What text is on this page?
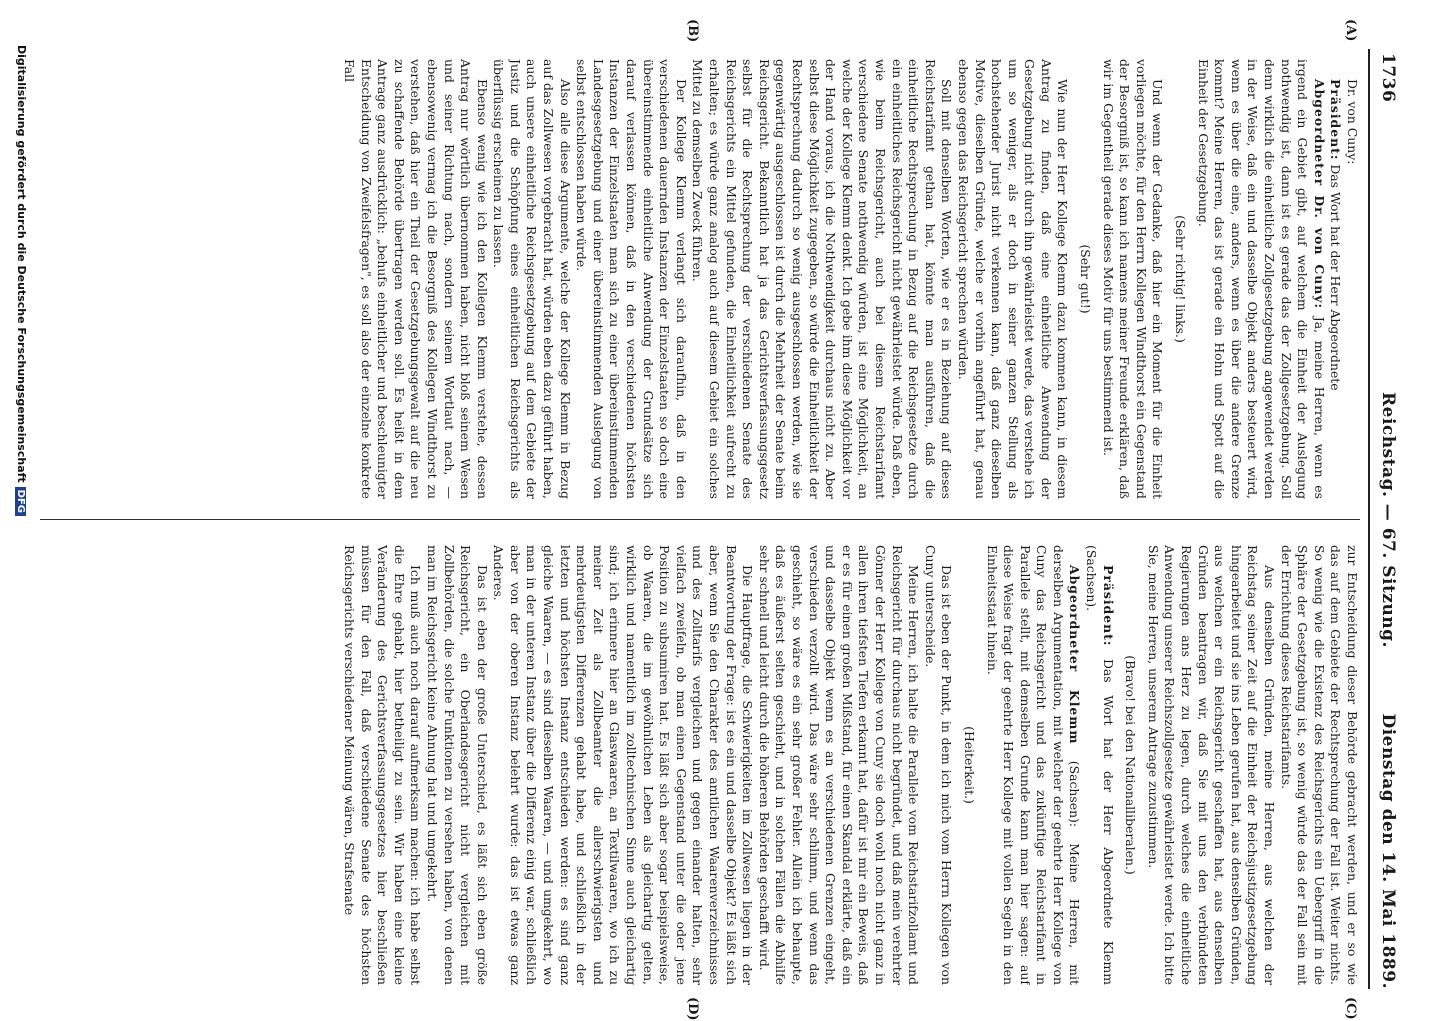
1736
Reichstag. — 67. Sitzung.
Dienstag den 14. Mai 1889.
(A)
(B)
(C)
(D)

Dr. von Cuny:

Präsident: Das Wort hat der Herr Abgeordnete

Abgeordneter Dr. von Cuny: Ja, meine Herren, wenn es irgend ein Gebiet gibt, auf welchem die Einheit der Auslegung nothwendig ist, dann ist es gerade das der Zollgesetzgebung. Soll denn wirklich die einheitliche Zollgesetzgebung angewendet werden in der Weise, daß ein und dasselbe Objekt anders besteuert wird, wenn es über die eine, anders, wenn es über die andere Grenze kommt? Meine Herren, das ist gerade ein Hohn und Spott auf die Einheit der Gesetzgebung.

(Sehr richtig! links.)

Und wenn der Gedanke, daß hier ein Moment für die Einheit vorliegen möchte, für den Herrn Kollegen Windthorst ein Gegenstand der Besorgniß ist, so kann ich namens meiner Freunde erklären, daß wir im Gegentheil gerade dieses Motiv für uns bestimmend ist.

(Sehr gut!)

Wie nun der Herr Kollege Klemm dazu kommen kann, in diesem Antrag zu finden, daß eine einheitliche Anwendung der Gesetzgebung nicht durch ihn gewährleistet werde, das verstehe ich um so weniger, als er doch in seiner ganzen Stellung als hochstehender Jurist nicht verkennen kann, daß ganz dieselben Motive, dieselben Gründe, welche er vorhin angeführt hat, genau ebenso gegen das Reichsgericht sprechen würden.

Soll mit denselben Worten, wie er es in Beziehung auf dieses Reichstarifamt gethan hat, könnte man ausführen, daß die einheitliche Rechtsprechung in Bezug auf die Reichsgesetze durch ein einheitliches Reichsgericht nicht gewährleistet würde. Daß eben, wie beim Reichsgericht, auch bei diesem Reichstarifamt verschiedene Senate nothwendig würden, ist eine Möglichkeit, an welche der Kollege Klemm denkt. Ich gebe ihm diese Möglichkeit vor der Hand voraus, ich die Nothwendigkeit durchaus nicht zu. Aber selbst diese Möglichkeit zugegeben, so würde die Einheitlichkeit der Rechtsprechung dadurch so wenig ausgeschlossen werden, wie sie gegenwärtig ausgeschlossen ist durch die Mehrheit der Senate beim Reichsgericht. Bekanntlich hat ja das Gerichtsverfassungsgesetz selbst für die Rechtsprechung der verschiedenen Senate des Reichsgerichts ein Mittel gefunden, die Einheitlichkeit aufrecht zu erhalten; es würde ganz analog auch auf diesem Gebiet ein solches Mittel zu demselben Zweck führen.

Der Kollege Klemm verlangt sich daraufhin, daß in den verschiedenen dauernden Instanzen der Einzelstaaten so doch eine übereinstimmende einheitliche Anwendung der Grundsätze sich darauf verlassen können, daß in den verschiedenen höchsten Instanzen der Einzelstaaten man sich zu einer übereinstimmenden Landesgesetzgebung und einer übereinstimmenden Auslegung von selbst entschlossen haben würde.

Also alle diese Argumente, welche der Kollege Klemm in Bezug auf das Zollwesen vorgebracht hat, würden eben dazu geführt haben, auch unsere einheitliche Reichsgesetzgebung auf dem Gebiete der Justiz und die Schöpfung eines einheitlichen Reichsgerichts als überflüssig erscheinen zu lassen.

Ebenso wenig wie ich den Kollegen Klemm verstehe, dessen Antrag nur wörtlich übernommen haben, nicht bloß seinem Wesen und seiner Richtung nach, sondern seinem Wortlaut nach, — ebensowenig vermag ich die Besorgniß des Kollegen Windthorst zu verstehen, daß hier ein Theil der Gesetzgebungsgewalt auf die neu zu schaffende Behörde übertragen werden soll. Es heißt in dem Antrage ganz ausdrücklich: „behufs einheitlicher und beschleunigter Entscheidung von Zweifelsfragen", es soll also der einzelne konkrete Fall

zur Entscheidung dieser Behörde gebracht werden, und er so wie das auf dem Gebiete der Rechtsprechung der Fall ist. Weiter nichts. So wenig wie die Existenz des Reichsgerichts ein Uebergriff in die Sphäre der Gesetzgebung ist, so wenig würde das der Fall sein mit der Errichtung dieses Reichstarifamts.

Aus denselben Gründen, meine Herren, aus welchen der Reichstag seiner Zeit auf die Einheit der Reichsjustizgesetzgebung hingearbeitet und sie ins Leben gerufen hat, aus denselben Gründen, aus welchen er ein Reichsgericht geschaffen hat, aus denselben Gründen beantragen wir, daß Sie mit uns den verbündeten Regierungen ans Herz zu legen, durch welches die einheitliche Anwendung unserer Reichszollgesetze gewährleistet werde. Ich bitte Sie, meine Herren, unserem Antrage zuzustimmen.

(Bravo! bei den Nationalliberalen.)

Präsident: Das Wort hat der Herr Abgeordnete Klemm (Sachsen).

Abgeordneter Klemm (Sachsen): Meine Herren, mit derselben Argumentation, mit welcher der geehrte Herr Kollege von Cuny das Reichsgericht und das zukünftige Reichstarifamt in Parallele stellt, mit demselben Grunde kann man hier sagen: auf diese Weise fragt der geehrte Herr Kollege mit vollen Segeln in den Einheitsstaat hinein.

(Heiterkeit.)

Das ist eben der Punkt, in dem ich mich vom Herrn Kollegen von Cuny unterscheide.

Meine Herren, ich halte die Parallele vom Reichstarifzollamt und Reichsgericht für durchaus nicht begründet, und daß mein verehrter Gönner der Herr Kollege von Cuny sie doch wohl noch nicht ganz in allen ihren tiefsten Tiefen erkannt hat, dafür ist mir ein Beweis, daß er es für einen großen Mißstand, für einen Skandal erklärte, daß ein und dasselbe Objekt wenn es an verschiedenen Grenzen eingeht, verschieden verzollt wird. Das wäre sehr schlimm, und wenn das geschieht, so wäre es ein sehr großer Fehler. Allein ich behaupte, daß es äußerst selten geschieht, und in solchen Fällen die Abhilfe sehr schnell und leicht durch die höheren Behörden geschafft wird.

Die Hauptfrage, die Schwierigkeiten im Zollwesen liegen in der Beantwortung der Frage: ist es ein und dasselbe Objekt? Es läßt sich aber, wenn Sie den Charakter des amtlichen Waarenverzeichnisses und des Zolltarifs vergleichen und gegen einander halten, sehr vielfach zweifeln, ob man einen Gegenstand unter die oder jene Position zu subsumiren hat. Es läßt sich aber sogar beispielsweise, ob Waaren, die im gewöhnlichen Leben als gleichartig gelten, wirklich und namentlich im zolltechnischen Sinne auch gleichartig sind; ich erinnere hier an Glaswaaren, an Textilwaaren, wo ich zu meiner Zeit als Zollbeamter die allerschwierigsten und mehrdeutigsten Differenzen gehabt habe, und schließlich in der letzten und höchsten Instanz entschieden werden: es sind ganz gleiche Waaren, — es sind dieselben Waaren, — und umgekehrt, wo man in der unteren Instanz über die Differenz einig war, schließlich aber von der oberen Instanz belehrt wurde: das ist etwas ganz Anderes.

Das ist eben der große Unterschied, es läßt sich eben größe Reichsgericht, ein Oberlandesgericht nicht vergleichen mit Zollbehörden, die solche Funktionen zu versehen haben, von denen man im Reichsgericht keine Ahnung hat und umgekehrt.

Ich muß auch noch darauf aufmerksam machen: ich habe selbst die Ehre gehabt, hier betheiligt zu sein. Wir haben eine kleine Veränderung des Gerichtsverfassungsgesetzes hier beschließen müssen für den Fall, daß verschiedene Senate des höchsten Reichsgerichts verschiedener Meinung wären, Strafsenate

Digitalisierung gefördert durch die Deutsche ForschungsgemeinschaftDFG
